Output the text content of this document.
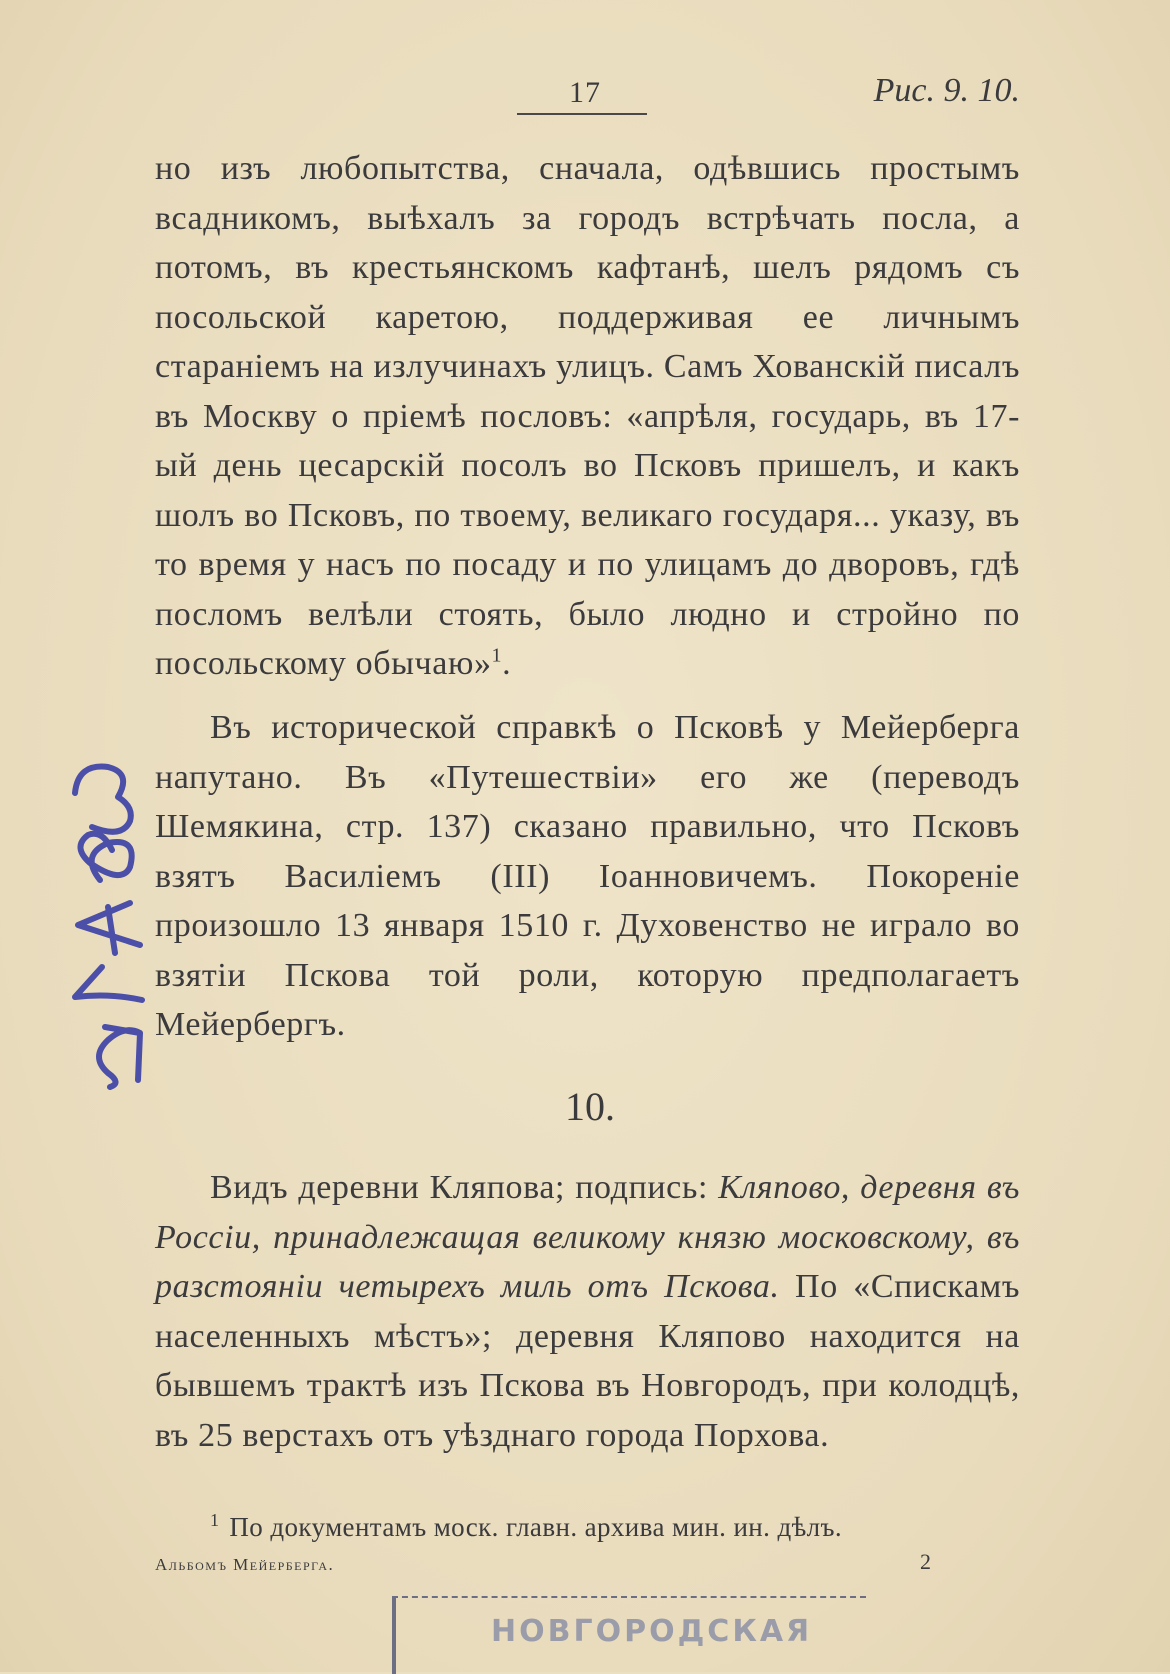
17	Рис. 9. 10.

но изъ любопытства, сначала, одѣвшись простымъ всадникомъ, выѣхалъ за городъ встрѣчать посла, а потомъ, въ крестьянскомъ кафтанѣ, шелъ рядомъ съ посольской каретою, поддерживая ее личнымъ стараніемъ на излучинахъ улицъ. Самъ Хованскій писалъ въ Москву о пріемѣ пословъ: «апрѣля, государь, въ 17-ый день цесарскій посолъ во Псковъ пришелъ, и какъ шолъ во Псковъ, по твоему, великаго государя... указу, въ то время у насъ по посаду и по улицамъ до дворовъ, гдѣ посломъ велѣли стоять, было людно и стройно по посольскому обычаю»$^1$.

Въ исторической справкѣ о Псковѣ у Мейерберга напутано. Въ «Путешествіи» его же (переводъ Шемякина, стр. 137) сказано правильно, что Псковъ взятъ Василіемъ (III) Іоанновичемъ. Покореніе произошло 13 января 1510 г. Духовенство не играло во взятіи Пскова той роли, которую предполагаетъ Мейербергъ.

10.

Видъ деревни Кляпова; подпись: Кляпово, деревня въ Россіи, принадлежащая великому князю московскому, въ разстояніи четырехъ миль отъ Пскова. По «Спискамъ населенныхъ мѣстъ»; деревня Кляпово находится на бывшемъ трактѣ изъ Пскова въ Новгородъ, при колодцѣ, въ 25 верстахъ отъ уѣзднаго города Порхова.

$^1$ По документамъ моск. главн. архива мин. ин. дѣлъ.

Альбомъ Мейерберга.	2
НОВГОРОДСКАЯ
